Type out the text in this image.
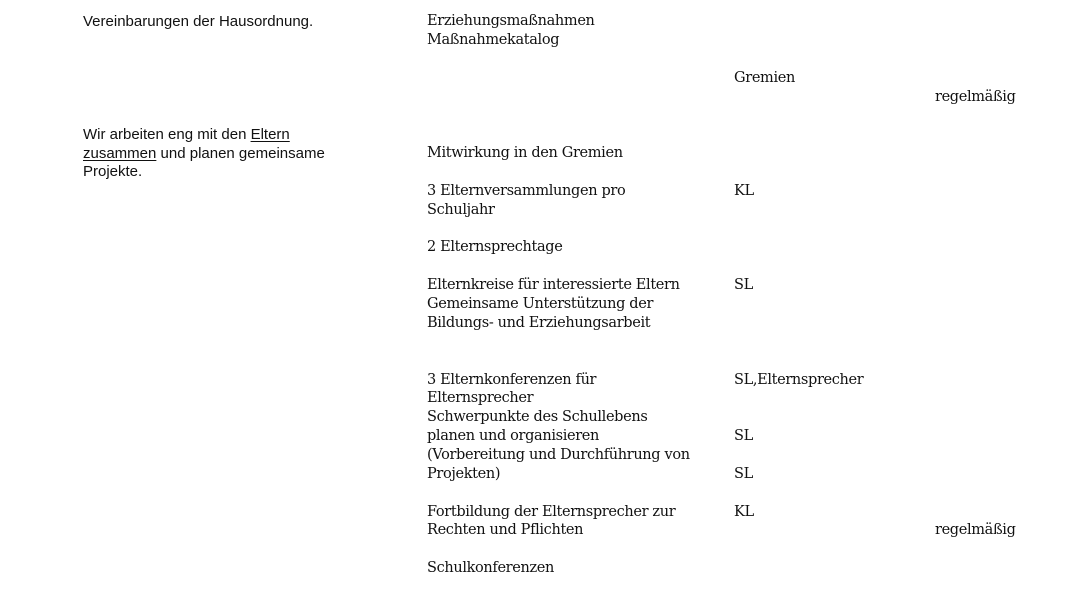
Vereinbarungen der Hausordnung.
Wir arbeiten eng mit den Eltern
zusammen und planen gemeinsame
Projekte.
Erziehungsmaßnahmen
Maßnahmekatalog
Mitwirkung in den Gremien
3 Elternversammlungen pro
Schuljahr
2 Elternsprechtage
Elternkreise für interessierte Eltern
Gemeinsame Unterstützung der
Bildungs- und Erziehungsarbeit
3 Elternkonferenzen für
Elternsprecher
Schwerpunkte des Schullebens
planen und organisieren
(Vorbereitung und Durchführung von
Projekten)
Fortbildung der Elternsprecher zur
Rechten und Pflichten
Schulkonferenzen
Gremien
KL
SL
SL,Elternsprecher
SL
SL
KL
regelmäßig
regelmäßig
